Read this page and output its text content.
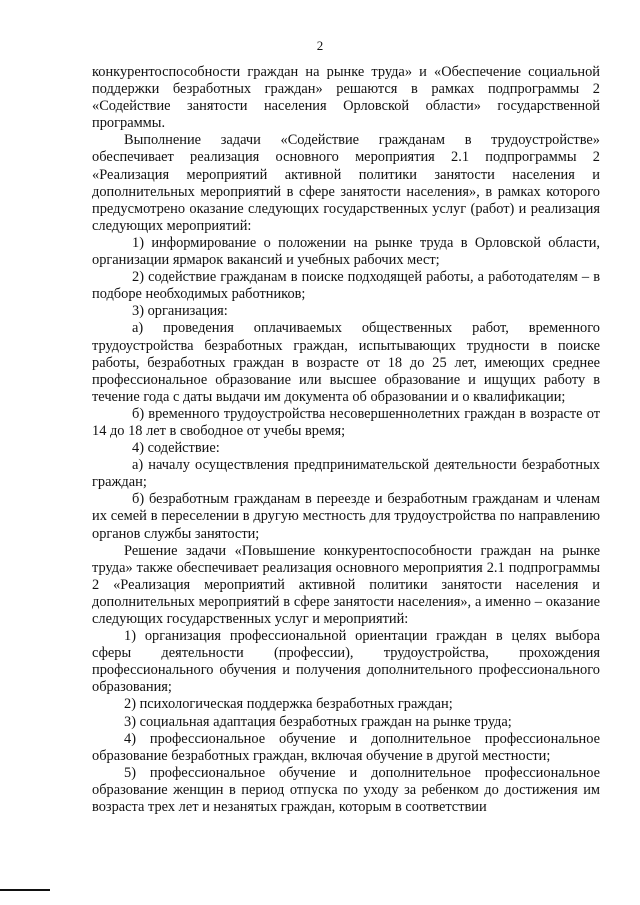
2

конкурентоспособности граждан на рынке труда» и «Обеспечение социальной поддержки безработных граждан» решаются в рамках подпрограммы 2 «Содействие занятости населения Орловской области» государственной программы.

Выполнение задачи «Содействие гражданам в трудоустройстве» обеспечивает реализация основного мероприятия 2.1 подпрограммы 2 «Реализация мероприятий активной политики занятости населения и дополнительных мероприятий в сфере занятости населения», в рамках которого предусмотрено оказание следующих государственных услуг (работ) и реализация следующих мероприятий:

1) информирование о положении на рынке труда в Орловской области, организации ярмарок вакансий и учебных рабочих мест;

2) содействие гражданам в поиске подходящей работы, а работодателям – в подборе необходимых работников;

3) организация:

а) проведения оплачиваемых общественных работ, временного трудоустройства безработных граждан, испытывающих трудности в поиске работы, безработных граждан в возрасте от 18 до 25 лет, имеющих среднее профессиональное образование или высшее образование и ищущих работу в течение года с даты выдачи им документа об образовании и о квалификации;

б) временного трудоустройства несовершеннолетних граждан в возрасте от 14 до 18 лет в свободное от учебы время;

4) содействие:

а) началу осуществления предпринимательской деятельности безработных граждан;

б) безработным гражданам в переезде и безработным гражданам и членам их семей в переселении в другую местность для трудоустройства по направлению органов службы занятости;

Решение задачи «Повышение конкурентоспособности граждан на рынке труда» также обеспечивает реализация основного мероприятия 2.1 подпрограммы 2 «Реализация мероприятий активной политики занятости населения и дополнительных мероприятий в сфере занятости населения», а именно – оказание следующих государственных услуг и мероприятий:

1) организация профессиональной ориентации граждан в целях выбора сферы деятельности (профессии), трудоустройства, прохождения профессионального обучения и получения дополнительного профессионального образования;

2) психологическая поддержка безработных граждан;

3) социальная адаптация безработных граждан на рынке труда;

4) профессиональное обучение и дополнительное профессиональное образование безработных граждан, включая обучение в другой местности;

5) профессиональное обучение и дополнительное профессиональное образование женщин в период отпуска по уходу за ребенком до достижения им возраста трех лет и незанятых граждан, которым в соответствии
